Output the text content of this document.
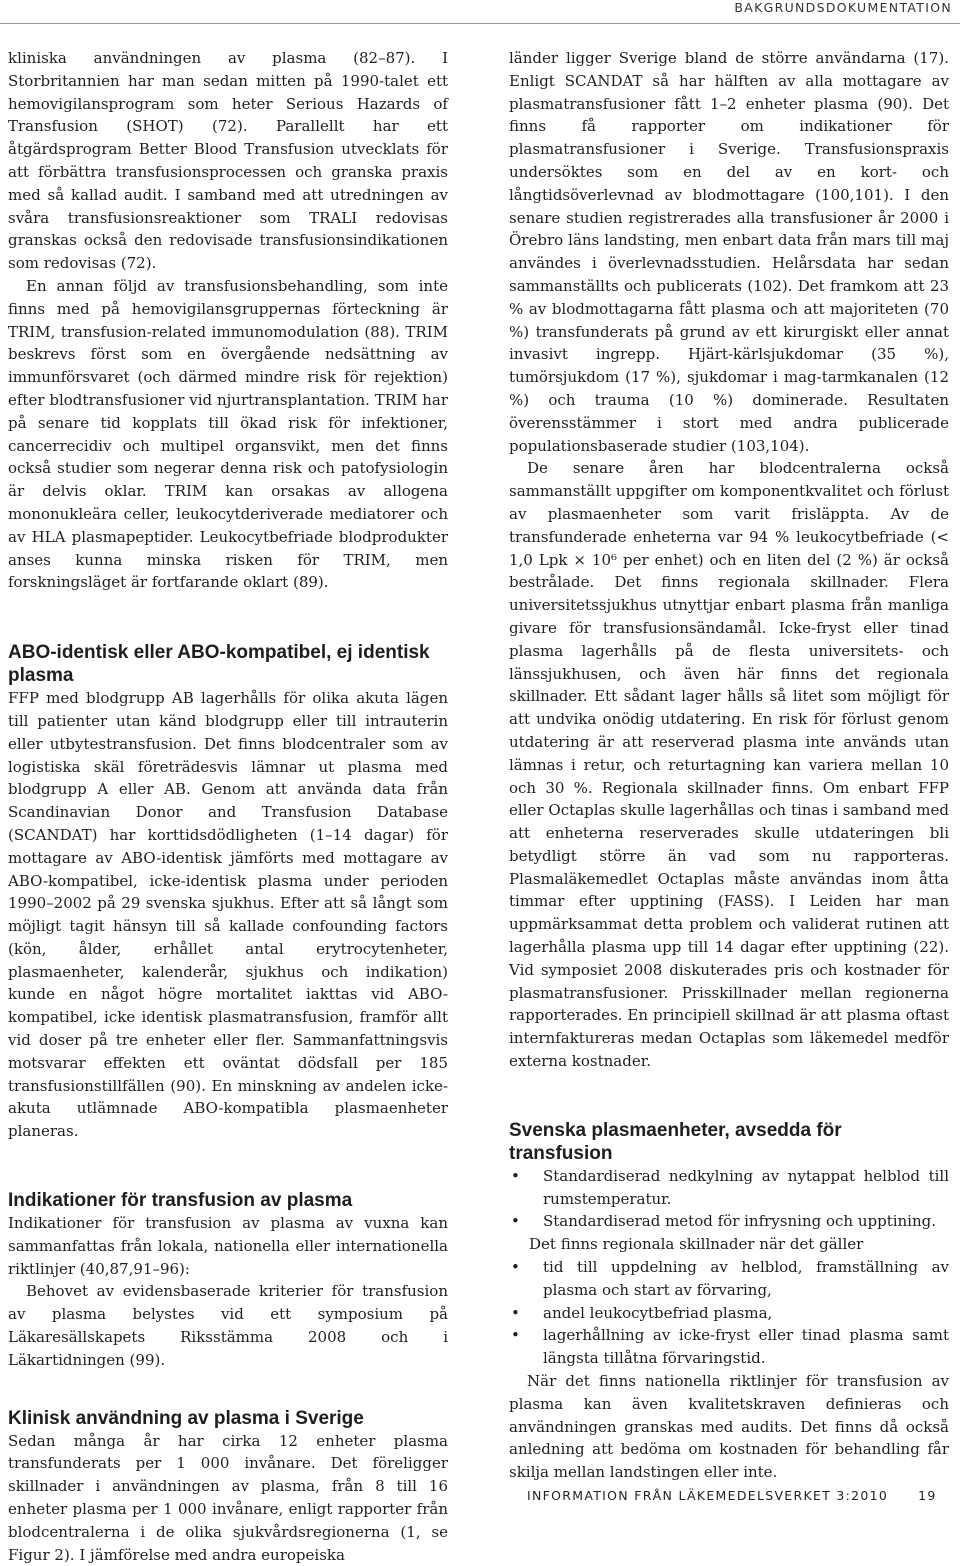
BAKGRUNDSDOKUMENTATION

kliniska användningen av plasma (82–87). I Storbritannien har man sedan mitten på 1990-talet ett hemovigilansprogram som heter Serious Hazards of Transfusion (SHOT) (72). Parallellt har ett åtgärdsprogram Better Blood Transfusion utvecklats för att förbättra transfusionsprocessen och granska praxis med så kallad audit. I samband med att utredningen av svåra transfusionsreaktioner som TRALI redovisas granskas också den redovisade transfusionsindikationen som redovisas (72).

En annan följd av transfusionsbehandling, som inte finns med på hemovigilansgruppernas förteckning är TRIM, transfusion-related immunomodulation (88). TRIM beskrevs först som en övergående nedsättning av immunförsvaret (och därmed mindre risk för rejektion) efter blodtransfusioner vid njurtransplantation. TRIM har på senare tid kopplats till ökad risk för infektioner, cancerrecidiv och multipel organsvikt, men det finns också studier som negerar denna risk och patofysiologin är delvis oklar. TRIM kan orsakas av allogena mononukleära celler, leukocytderiverade mediatorer och av HLA plasmapeptider. Leukocytbefriade blodprodukter anses kunna minska risken för TRIM, men forskningsläget är fortfarande oklart (89).

ABO-identisk eller ABO-kompatibel, ej identisk plasma

FFP med blodgrupp AB lagerhålls för olika akuta lägen till patienter utan känd blodgrupp eller till intrauterin eller utbytestransfusion. Det finns blodcentraler som av logistiska skäl företrädesvis lämnar ut plasma med blodgrupp A eller AB. Genom att använda data från Scandinavian Donor and Transfusion Database (SCANDAT) har korttidsdödligheten (1–14 dagar) för mottagare av ABO-identisk jämförts med mottagare av ABO-kompatibel, icke-identisk plasma under perioden 1990–2002 på 29 svenska sjukhus. Efter att så långt som möjligt tagit hänsyn till så kallade confounding factors (kön, ålder, erhållet antal erytrocytenheter, plasmaenheter, kalenderår, sjukhus och indikation) kunde en något högre mortalitet iakttas vid ABO-kompatibel, icke identisk plasmatransfusion, framför allt vid doser på tre enheter eller fler. Sammanfattningsvis motsvarar effekten ett oväntat dödsfall per 185 transfusionstillfällen (90). En minskning av andelen icke-akuta utlämnade ABO-kompatibla plasmaenheter planeras.

Indikationer för transfusion av plasma

Indikationer för transfusion av plasma av vuxna kan sammanfattas från lokala, nationella eller internationella riktlinjer (40,87,91–96):

Behovet av evidensbaserade kriterier för transfusion av plasma belystes vid ett symposium på Läkaresällskapets Riksstämma 2008 och i Läkartidningen (99).

Klinisk användning av plasma i Sverige

Sedan många år har cirka 12 enheter plasma transfunderats per 1 000 invånare. Det föreligger skillnader i användningen av plasma, från 8 till 16 enheter plasma per 1 000 invånare, enligt rapporter från blodcentralerna i de olika sjukvårdsregionerna (1, se Figur 2). I jämförelse med andra europeiska

länder ligger Sverige bland de större användarna (17). Enligt SCANDAT så har hälften av alla mottagare av plasmatransfusioner fått 1–2 enheter plasma (90). Det finns få rapporter om indikationer för plasmatransfusioner i Sverige. Transfusionspraxis undersöktes som en del av en kort- och långtidsöverlevnad av blodmottagare (100,101). I den senare studien registrerades alla transfusioner år 2000 i Örebro läns landsting, men enbart data från mars till maj användes i överlevnadsstudien. Helårsdata har sedan sammanställts och publicerats (102). Det framkom att 23 % av blodmottagarna fått plasma och att majoriteten (70 %) transfunderats på grund av ett kirurgiskt eller annat invasivt ingrepp. Hjärt-kärlsjukdomar (35 %), tumörsjukdom (17 %), sjukdomar i mag-tarmkanalen (12 %) och trauma (10 %) dominerade. Resultaten överensstämmer i stort med andra publicerade populationsbaserade studier (103,104).

De senare åren har blodcentralerna också sammanställt uppgifter om komponentkvalitet och förlust av plasmaenheter som varit frisläppta. Av de transfunderade enheterna var 94 % leukocytbefriade (< 1,0 Lpk × 10⁶ per enhet) och en liten del (2 %) är också bestrålade. Det finns regionala skillnader. Flera universitetssjukhus utnyttjar enbart plasma från manliga givare för transfusionsändamål. Icke-fryst eller tinad plasma lagerhålls på de flesta universitets- och länssjukhusen, och även här finns det regionala skillnader. Ett sådant lager hålls så litet som möjligt för att undvika onödig utdatering. En risk för förlust genom utdatering är att reserverad plasma inte används utan lämnas i retur, och returtagning kan variera mellan 10 och 30 %. Regionala skillnader finns. Om enbart FFP eller Octaplas skulle lagerhållas och tinas i samband med att enheterna reserverades skulle utdateringen bli betydligt större än vad som nu rapporteras. Plasmaläkemedlet Octaplas måste användas inom åtta timmar efter upptining (FASS). I Leiden har man uppmärksammat detta problem och validerat rutinen att lagerhålla plasma upp till 14 dagar efter upptining (22). Vid symposiet 2008 diskuterades pris och kostnader för plasmatransfusioner. Prisskillnader mellan regionerna rapporterades. En principiell skillnad är att plasma oftast internfaktureras medan Octaplas som läkemedel medför externa kostnader.

Svenska plasmaenheter, avsedda för transfusion
• Standardiserad nedkylning av nytappat helblod till rumstemperatur.
• Standardiserad metod för infrysning och upptining.
Det finns regionala skillnader när det gäller
• tid till uppdelning av helblod, framställning av plasma och start av förvaring,
• andel leukocytbefriad plasma,
• lagerhållning av icke-fryst eller tinad plasma samt längsta tillåtna förvaringstid.

När det finns nationella riktlinjer för transfusion av plasma kan även kvalitetskraven definieras och användningen granskas med audits. Det finns då också anledning att bedöma om kostnaden för behandling får skilja mellan landstingen eller inte.

INFORMATION FRÅN LÄKEMEDELSVERKET 3:2010 19
